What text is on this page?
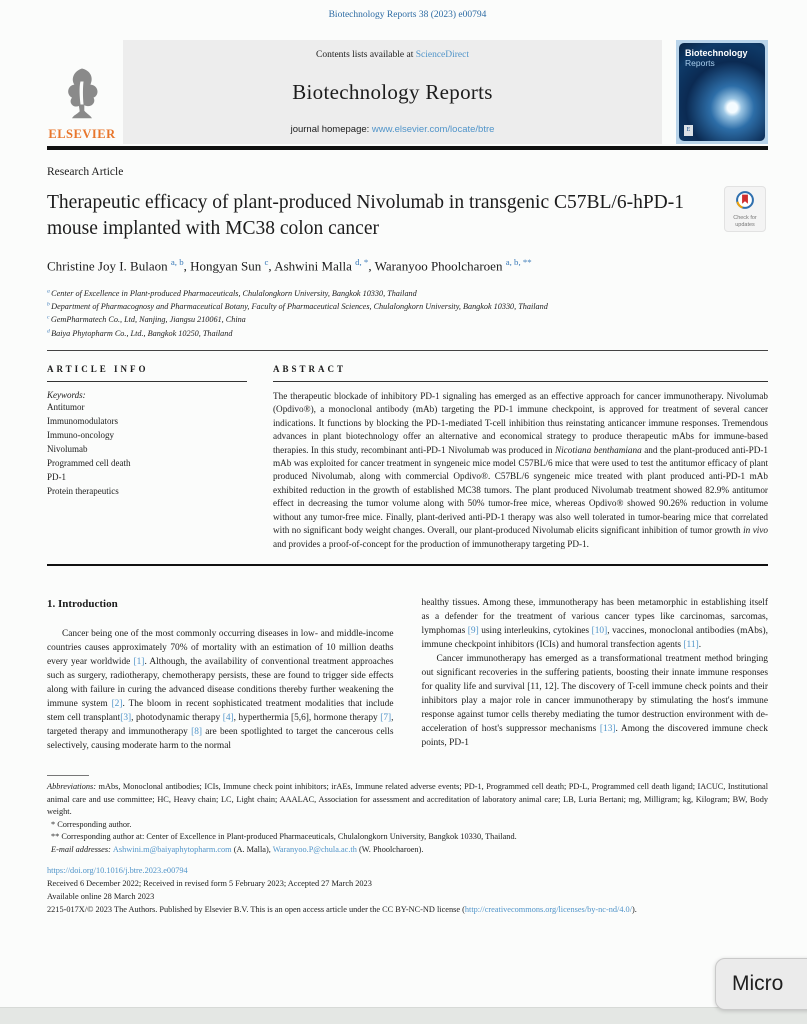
Biotechnology Reports 38 (2023) e00794
ELSEVIER
Contents lists available at ScienceDirect
Biotechnology Reports
journal homepage: www.elsevier.com/locate/btre
Biotechnology
Reports
E
Research Article
Therapeutic efficacy of plant-produced Nivolumab in transgenic C57BL/6-hPD-1 mouse implanted with MC38 colon cancer	Check for
updates
Christine Joy I. Bulaon $^{a, b}$, Hongyan Sun $^c$, Ashwini Malla $^{d, *}$, Waranyoo Phoolcharoen $^{a, b, **}$
$^a$ Center of Excellence in Plant-produced Pharmaceuticals, Chulalongkorn University, Bangkok 10330, Thailand
$^b$ Department of Pharmacognosy and Pharmaceutical Botany, Faculty of Pharmaceutical Sciences, Chulalongkorn University, Bangkok 10330, Thailand
$^c$ GemPharmatech Co., Ltd, Nanjing, Jiangsu 210061, China
$^d$ Baiya Phytopharm Co., Ltd., Bangkok 10250, Thailand
ARTICLE INFO
Keywords:
Antitumor
Immunomodulators
Immuno-oncology
Nivolumab
Programmed cell death
PD-1
Protein therapeutics
ABSTRACT
The therapeutic blockade of inhibitory PD-1 signaling has emerged as an effective approach for cancer immunotherapy. Nivolumab (Opdivo®), a monoclonal antibody (mAb) targeting the PD-1 immune checkpoint, is approved for treatment of several cancer indications. It functions by blocking the PD-1-mediated T-cell inhibition thus reinstating anticancer immune responses. Tremendous advances in plant biotechnology offer an alternative and economical strategy to produce therapeutic mAbs for immune-based therapies. In this study, recombinant anti-PD-1 Nivolumab was produced in Nicotiana benthamiana and the plant-produced anti-PD-1 mAb was exploited for cancer treatment in syngeneic mice model C57BL/6 mice that were used to test the antitumor efficacy of plant produced Nivolumab, along with commercial Opdivo®. C57BL/6 syngeneic mice treated with plant produced anti-PD-1 mAb exhibited reduction in the growth of established MC38 tumors. The plant produced Nivolumab treatment showed 82.9% antitumor effect in decreasing the tumor volume along with 50% tumor-free mice, whereas Opdivo® showed 90.26% reduction in volume without any tumor-free mice. Finally, plant-derived anti-PD-1 therapy was also well tolerated in tumor-bearing mice that correlated with no significant body weight changes. Overall, our plant-produced Nivolumab elicits significant inhibition of tumor growth in vivo and provides a proof-of-concept for the production of immunotherapy targeting PD-1.
1. Introduction
Cancer being one of the most commonly occurring diseases in low- and middle-income countries causes approximately 70% of mortality with an estimation of 10 million deaths every year worldwide [1]. Although, the availability of conventional treatment approaches such as surgery, radiotherapy, chemotherapy persists, these are found to trigger side effects along with failure in curing the advanced disease conditions thereby further weakening the immune system [2]. The bloom in recent sophisticated treatment modalities that include stem cell transplant[3], photodynamic therapy [4], hyperthermia [5,6], hormone therapy [7], targeted therapy and immunotherapy [8] are been spotlighted to target the cancerous cells selectively, causing moderate harm to the normal
healthy tissues. Among these, immunotherapy has been metamorphic in establishing itself as a defender for the treatment of various cancer types like carcinomas, sarcomas, lymphomas [9] using interleukins, cytokines [10], vaccines, monoclonal antibodies (mAbs), immune checkpoint inhibitors (ICIs) and humoral transfection agents [11].
Cancer immunotherapy has emerged as a transformational treatment method bringing out significant recoveries in the suffering patients, boosting their innate immune responses for quality life and survival [11, 12]. The discovery of T-cell immune check points and their inhibitors play a major role in cancer immunotherapy by stimulating the host's immune response against tumor cells thereby mediating the tumor destruction environment with de-acceleration of host's suppressor mechanisms [13]. Among the discovered immune check points, PD-1
Abbreviations: mAbs, Monoclonal antibodies; ICIs, Immune check point inhibitors; irAEs, Immune related adverse events; PD-1, Programmed cell death; PD-L, Programmed cell death ligand; IACUC, Institutional animal care and use committee; HC, Heavy chain; LC, Light chain; AAALAC, Association for assessment and accreditation of laboratory animal care; LB, Luria Bertani; mg, Milligram; kg, Kilogram; BW, Body weight.
* Corresponding author.
** Corresponding author at: Center of Excellence in Plant-produced Pharmaceuticals, Chulalongkorn University, Bangkok 10330, Thailand.
E-mail addresses: Ashwini.m@baiyaphytopharm.com (A. Malla), Waranyoo.P@chula.ac.th (W. Phoolcharoen).
https://doi.org/10.1016/j.btre.2023.e00794
Received 6 December 2022; Received in revised form 5 February 2023; Accepted 27 March 2023
Available online 28 March 2023
2215-017X/© 2023 The Authors. Published by Elsevier B.V. This is an open access article under the CC BY-NC-ND license (http://creativecommons.org/licenses/by-nc-nd/4.0/).
Micro
